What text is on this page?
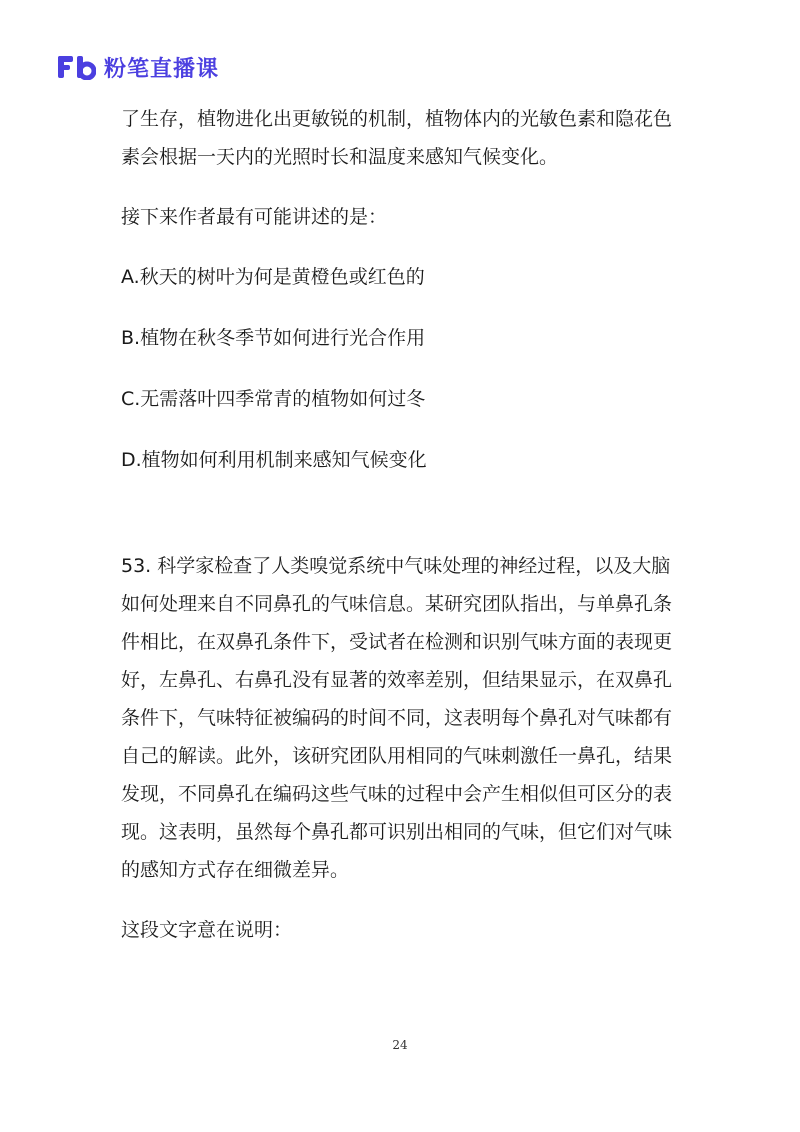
粉笔直播课

了生存，植物进化出更敏锐的机制，植物体内的光敏色素和隐花色素会根据一天内的光照时长和温度来感知气候变化。

接下来作者最有可能讲述的是：

A.秋天的树叶为何是黄橙色或红色的

B.植物在秋冬季节如何进行光合作用

C.无需落叶四季常青的植物如何过冬

D.植物如何利用机制来感知气候变化

53. 科学家检查了人类嗅觉系统中气味处理的神经过程，以及大脑如何处理来自不同鼻孔的气味信息。某研究团队指出，与单鼻孔条件相比，在双鼻孔条件下，受试者在检测和识别气味方面的表现更好，左鼻孔、右鼻孔没有显著的效率差别，但结果显示，在双鼻孔条件下，气味特征被编码的时间不同，这表明每个鼻孔对气味都有自己的解读。此外，该研究团队用相同的气味刺激任一鼻孔，结果发现，不同鼻孔在编码这些气味的过程中会产生相似但可区分的表现。这表明，虽然每个鼻孔都可识别出相同的气味，但它们对气味的感知方式存在细微差异。

这段文字意在说明：

24
